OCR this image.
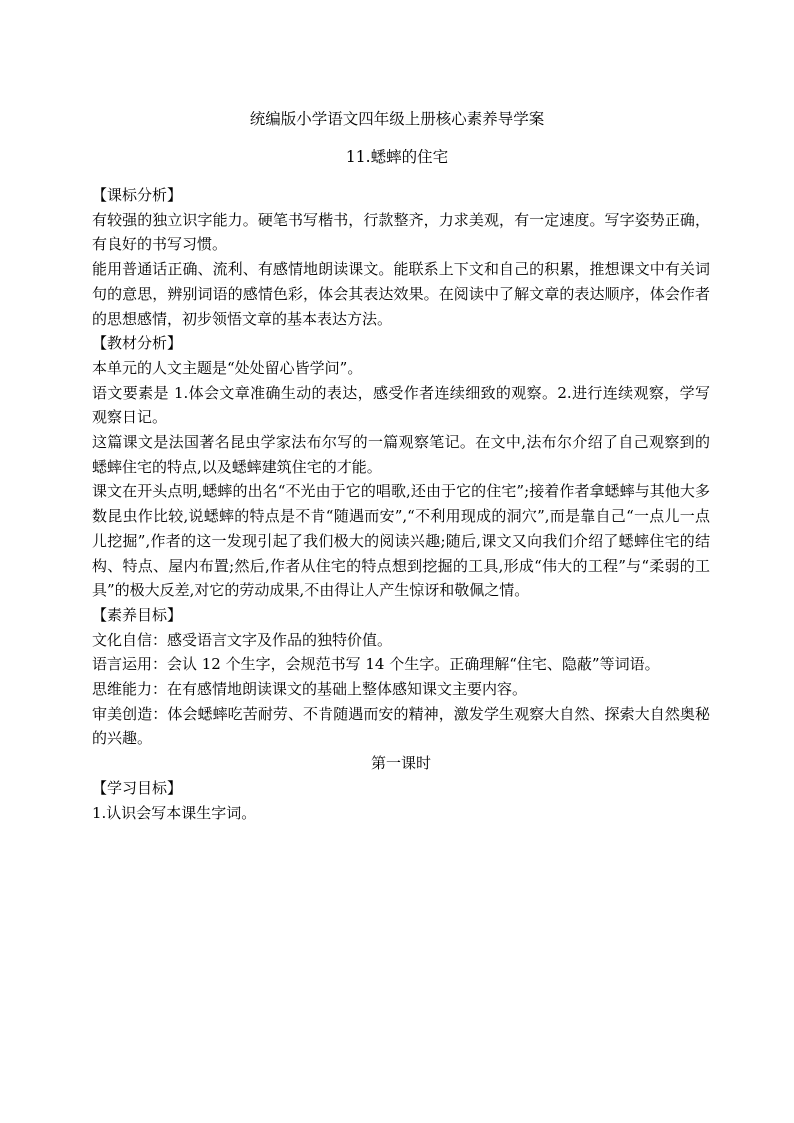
统编版小学语文四年级上册核心素养导学案
11.蟋蟀的住宅

【课标分析】

有较强的独立识字能力。硬笔书写楷书，行款整齐，力求美观，有一定速度。写字姿势正确，有良好的书写习惯。

能用普通话正确、流利、有感情地朗读课文。能联系上下文和自己的积累，推想课文中有关词句的意思，辨别词语的感情色彩，体会其表达效果。在阅读中了解文章的表达顺序，体会作者的思想感情，初步领悟文章的基本表达方法。

【教材分析】

本单元的人文主题是“处处留心皆学问”。

语文要素是 1.体会文章准确生动的表达，感受作者连续细致的观察。2.进行连续观察，学写观察日记。

这篇课文是法国著名昆虫学家法布尔写的一篇观察笔记。在文中,法布尔介绍了自己观察到的蟋蟀住宅的特点,以及蟋蟀建筑住宅的才能。

课文在开头点明,蟋蟀的出名“不光由于它的唱歌,还由于它的住宅”;接着作者拿蟋蟀与其他大多数昆虫作比较,说蟋蟀的特点是不肯“随遇而安”,“不利用现成的洞穴”,而是靠自己“一点儿一点儿挖掘”,作者的这一发现引起了我们极大的阅读兴趣;随后,课文又向我们介绍了蟋蟀住宅的结构、特点、屋内布置;然后,作者从住宅的特点想到挖掘的工具,形成“伟大的工程”与“柔弱的工具”的极大反差,对它的劳动成果,不由得让人产生惊讶和敬佩之情。

【素养目标】

文化自信：感受语言文字及作品的独特价值。

语言运用：会认 12 个生字，会规范书写 14 个生字。正确理解“住宅、隐蔽”等词语。

思维能力：在有感情地朗读课文的基础上整体感知课文主要内容。

审美创造：体会蟋蟀吃苦耐劳、不肯随遇而安的精神，激发学生观察大自然、探索大自然奥秘的兴趣。

第一课时

【学习目标】

1.认识会写本课生字词。
